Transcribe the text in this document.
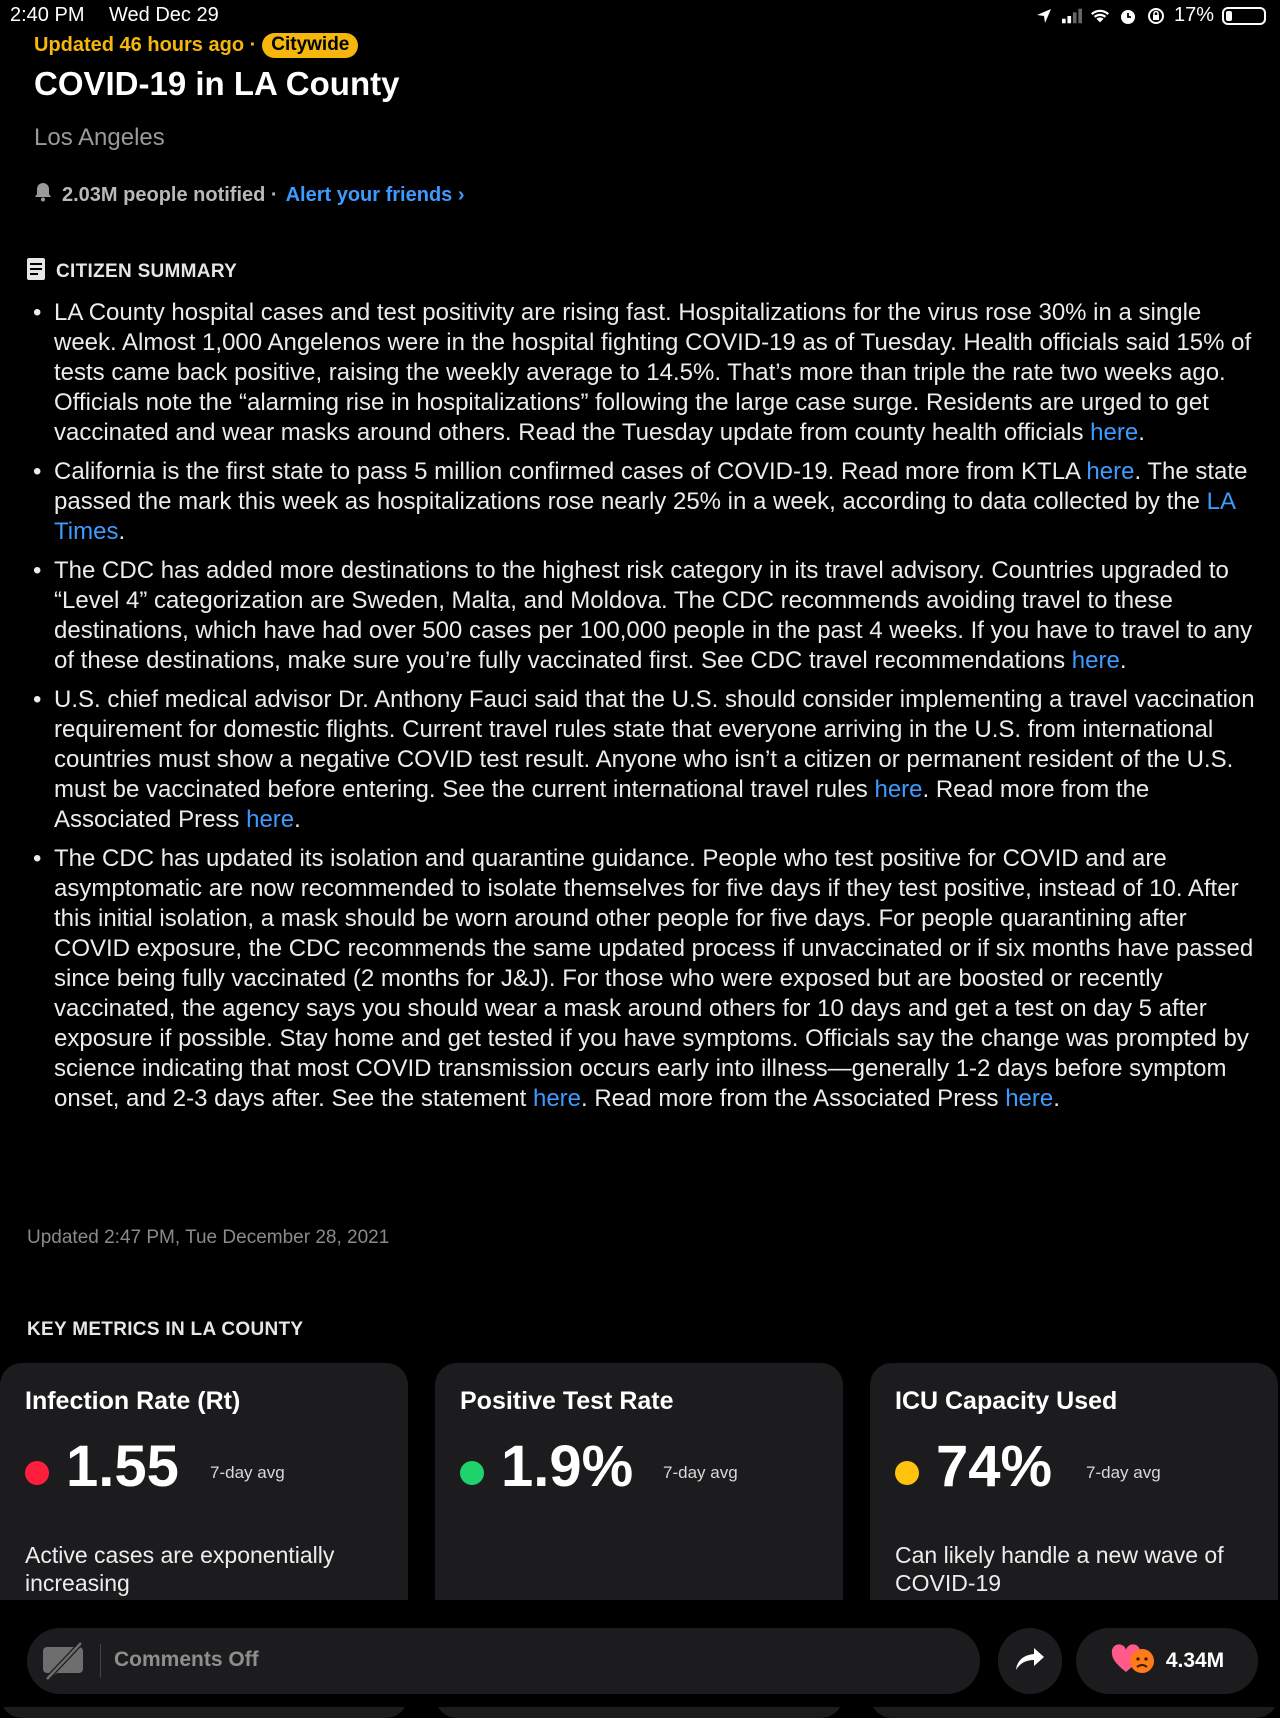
2:40 PM Wed Dec 29	17%
Updated 46 hours ago · Citywide
COVID-19 in LA County
Los Angeles
2.03M people notified · Alert your friends ›
CITIZEN SUMMARY
• LA County hospital cases and test positivity are rising fast. Hospitalizations for the virus rose 30% in a single week. Almost 1,000 Angelenos were in the hospital fighting COVID-19 as of Tuesday. Health officials said 15% of tests came back positive, raising the weekly average to 14.5%. That’s more than triple the rate two weeks ago. Officials note the “alarming rise in hospitalizations” following the large case surge. Residents are urged to get vaccinated and wear masks around others. Read the Tuesday update from county health officials here.
• California is the first state to pass 5 million confirmed cases of COVID-19. Read more from KTLA here. The state passed the mark this week as hospitalizations rose nearly 25% in a week, according to data collected by the LA Times.
• The CDC has added more destinations to the highest risk category in its travel advisory. Countries upgraded to “Level 4” categorization are Sweden, Malta, and Moldova. The CDC recommends avoiding travel to these destinations, which have had over 500 cases per 100,000 people in the past 4 weeks. If you have to travel to any of these destinations, make sure you’re fully vaccinated first. See CDC travel recommendations here.
• U.S. chief medical advisor Dr. Anthony Fauci said that the U.S. should consider implementing a travel vaccination requirement for domestic flights. Current travel rules state that everyone arriving in the U.S. from international countries must show a negative COVID test result. Anyone who isn’t a citizen or permanent resident of the U.S. must be vaccinated before entering. See the current international travel rules here. Read more from the Associated Press here.
• The CDC has updated its isolation and quarantine guidance. People who test positive for COVID and are asymptomatic are now recommended to isolate themselves for five days if they test positive, instead of 10. After this initial isolation, a mask should be worn around other people for five days. For people quarantining after COVID exposure, the CDC recommends the same updated process if unvaccinated or if six months have passed since being fully vaccinated (2 months for J&J). For those who were exposed but are boosted or recently vaccinated, the agency says you should wear a mask around others for 10 days and get a test on day 5 after exposure if possible. Stay home and get tested if you have symptoms. Officials say the change was prompted by science indicating that most COVID transmission occurs early into illness—generally 1-2 days before symptom onset, and 2-3 days after. See the statement here. Read more from the Associated Press here.
Updated 2:47 PM, Tue December 28, 2021
KEY METRICS IN LA COUNTY
Infection Rate (Rt)
1.55 7-day avg
Active cases are exponentially increasing
Positive Test Rate
1.9% 7-day avg
ICU Capacity Used
74% 7-day avg
Can likely handle a new wave of COVID-19
Comments Off	4.34M
